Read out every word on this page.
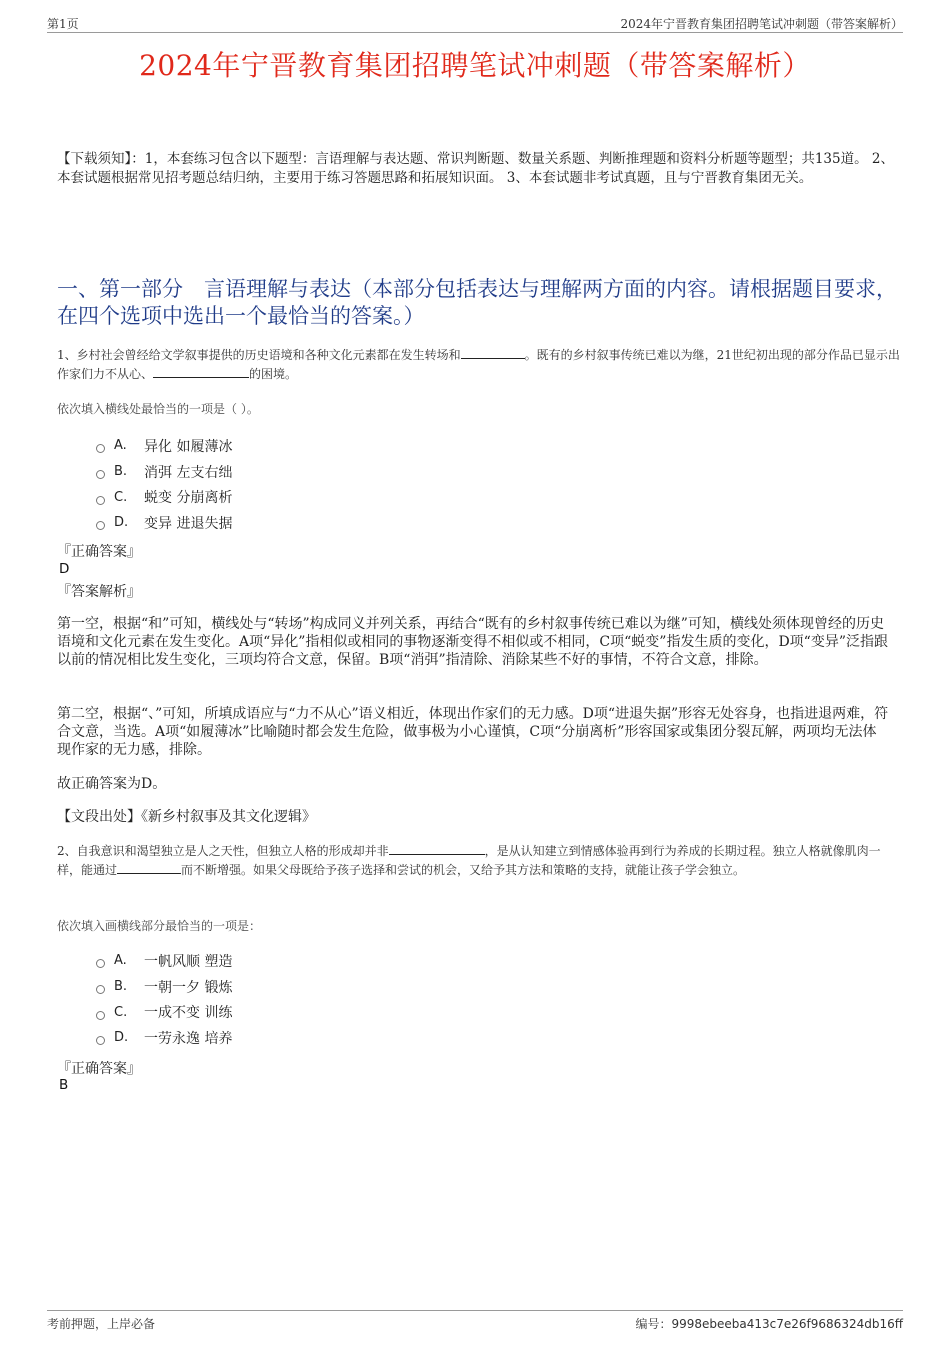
第1页	2024年宁晋教育集团招聘笔试冲刺题（带答案解析）
2024年宁晋教育集团招聘笔试冲刺题（带答案解析）
【下载须知】：1，本套练习包含以下题型：言语理解与表达题、常识判断题、数量关系题、判断推理题和资料分析题等题型；共135道。 2、本套试题根据常见招考题总结归纳，主要用于练习答题思路和拓展知识面。 3、本套试题非考试真题，且与宁晋教育集团无关。
一、第一部分　言语理解与表达（本部分包括表达与理解两方面的内容。请根据题目要求，在四个选项中选出一个最恰当的答案。）
1、乡村社会曾经给文学叙事提供的历史语境和各种文化元素都在发生转场和	。既有的乡村叙事传统已难以为继，21世纪初出现的部分作品已显示出作家们力不从心、	的困境。
依次填入横线处最恰当的一项是（ ）。
A.	异化 如履薄冰
B.	消弭 左支右绌
C.	蜕变 分崩离析
D.	变异 进退失据
『正确答案』
D
『答案解析』
第一空，根据“和”可知，横线处与“转场”构成同义并列关系，再结合“既有的乡村叙事传统已难以为继”可知，横线处须体现曾经的历史语境和文化元素在发生变化。A项“异化”指相似或相同的事物逐渐变得不相似或不相同，C项“蜕变”指发生质的变化，D项“变异”泛指跟以前的情况相比发生变化，三项均符合文意，保留。B项“消弭”指清除、消除某些不好的事情，不符合文意，排除。
第二空，根据“、”可知，所填成语应与“力不从心”语义相近，体现出作家们的无力感。D项“进退失据”形容无处容身，也指进退两难，符合文意，当选。A项“如履薄冰”比喻随时都会发生危险，做事极为小心谨慎，C项“分崩离析”形容国家或集团分裂瓦解，两项均无法体现作家的无力感，排除。
故正确答案为D。
【文段出处】《新乡村叙事及其文化逻辑》
2、自我意识和渴望独立是人之天性，但独立人格的形成却并非	，是从认知建立到情感体验再到行为养成的长期过程。独立人格就像肌肉一样，能通过	而不断增强。如果父母既给予孩子选择和尝试的机会，又给予其方法和策略的支持，就能让孩子学会独立。
依次填入画横线部分最恰当的一项是：
A.	一帆风顺 塑造
B.	一朝一夕 锻炼
C.	一成不变 训练
D.	一劳永逸 培养
『正确答案』
B
考前押题，上岸必备	编号：9998ebeeba413c7e26f9686324db16ff
